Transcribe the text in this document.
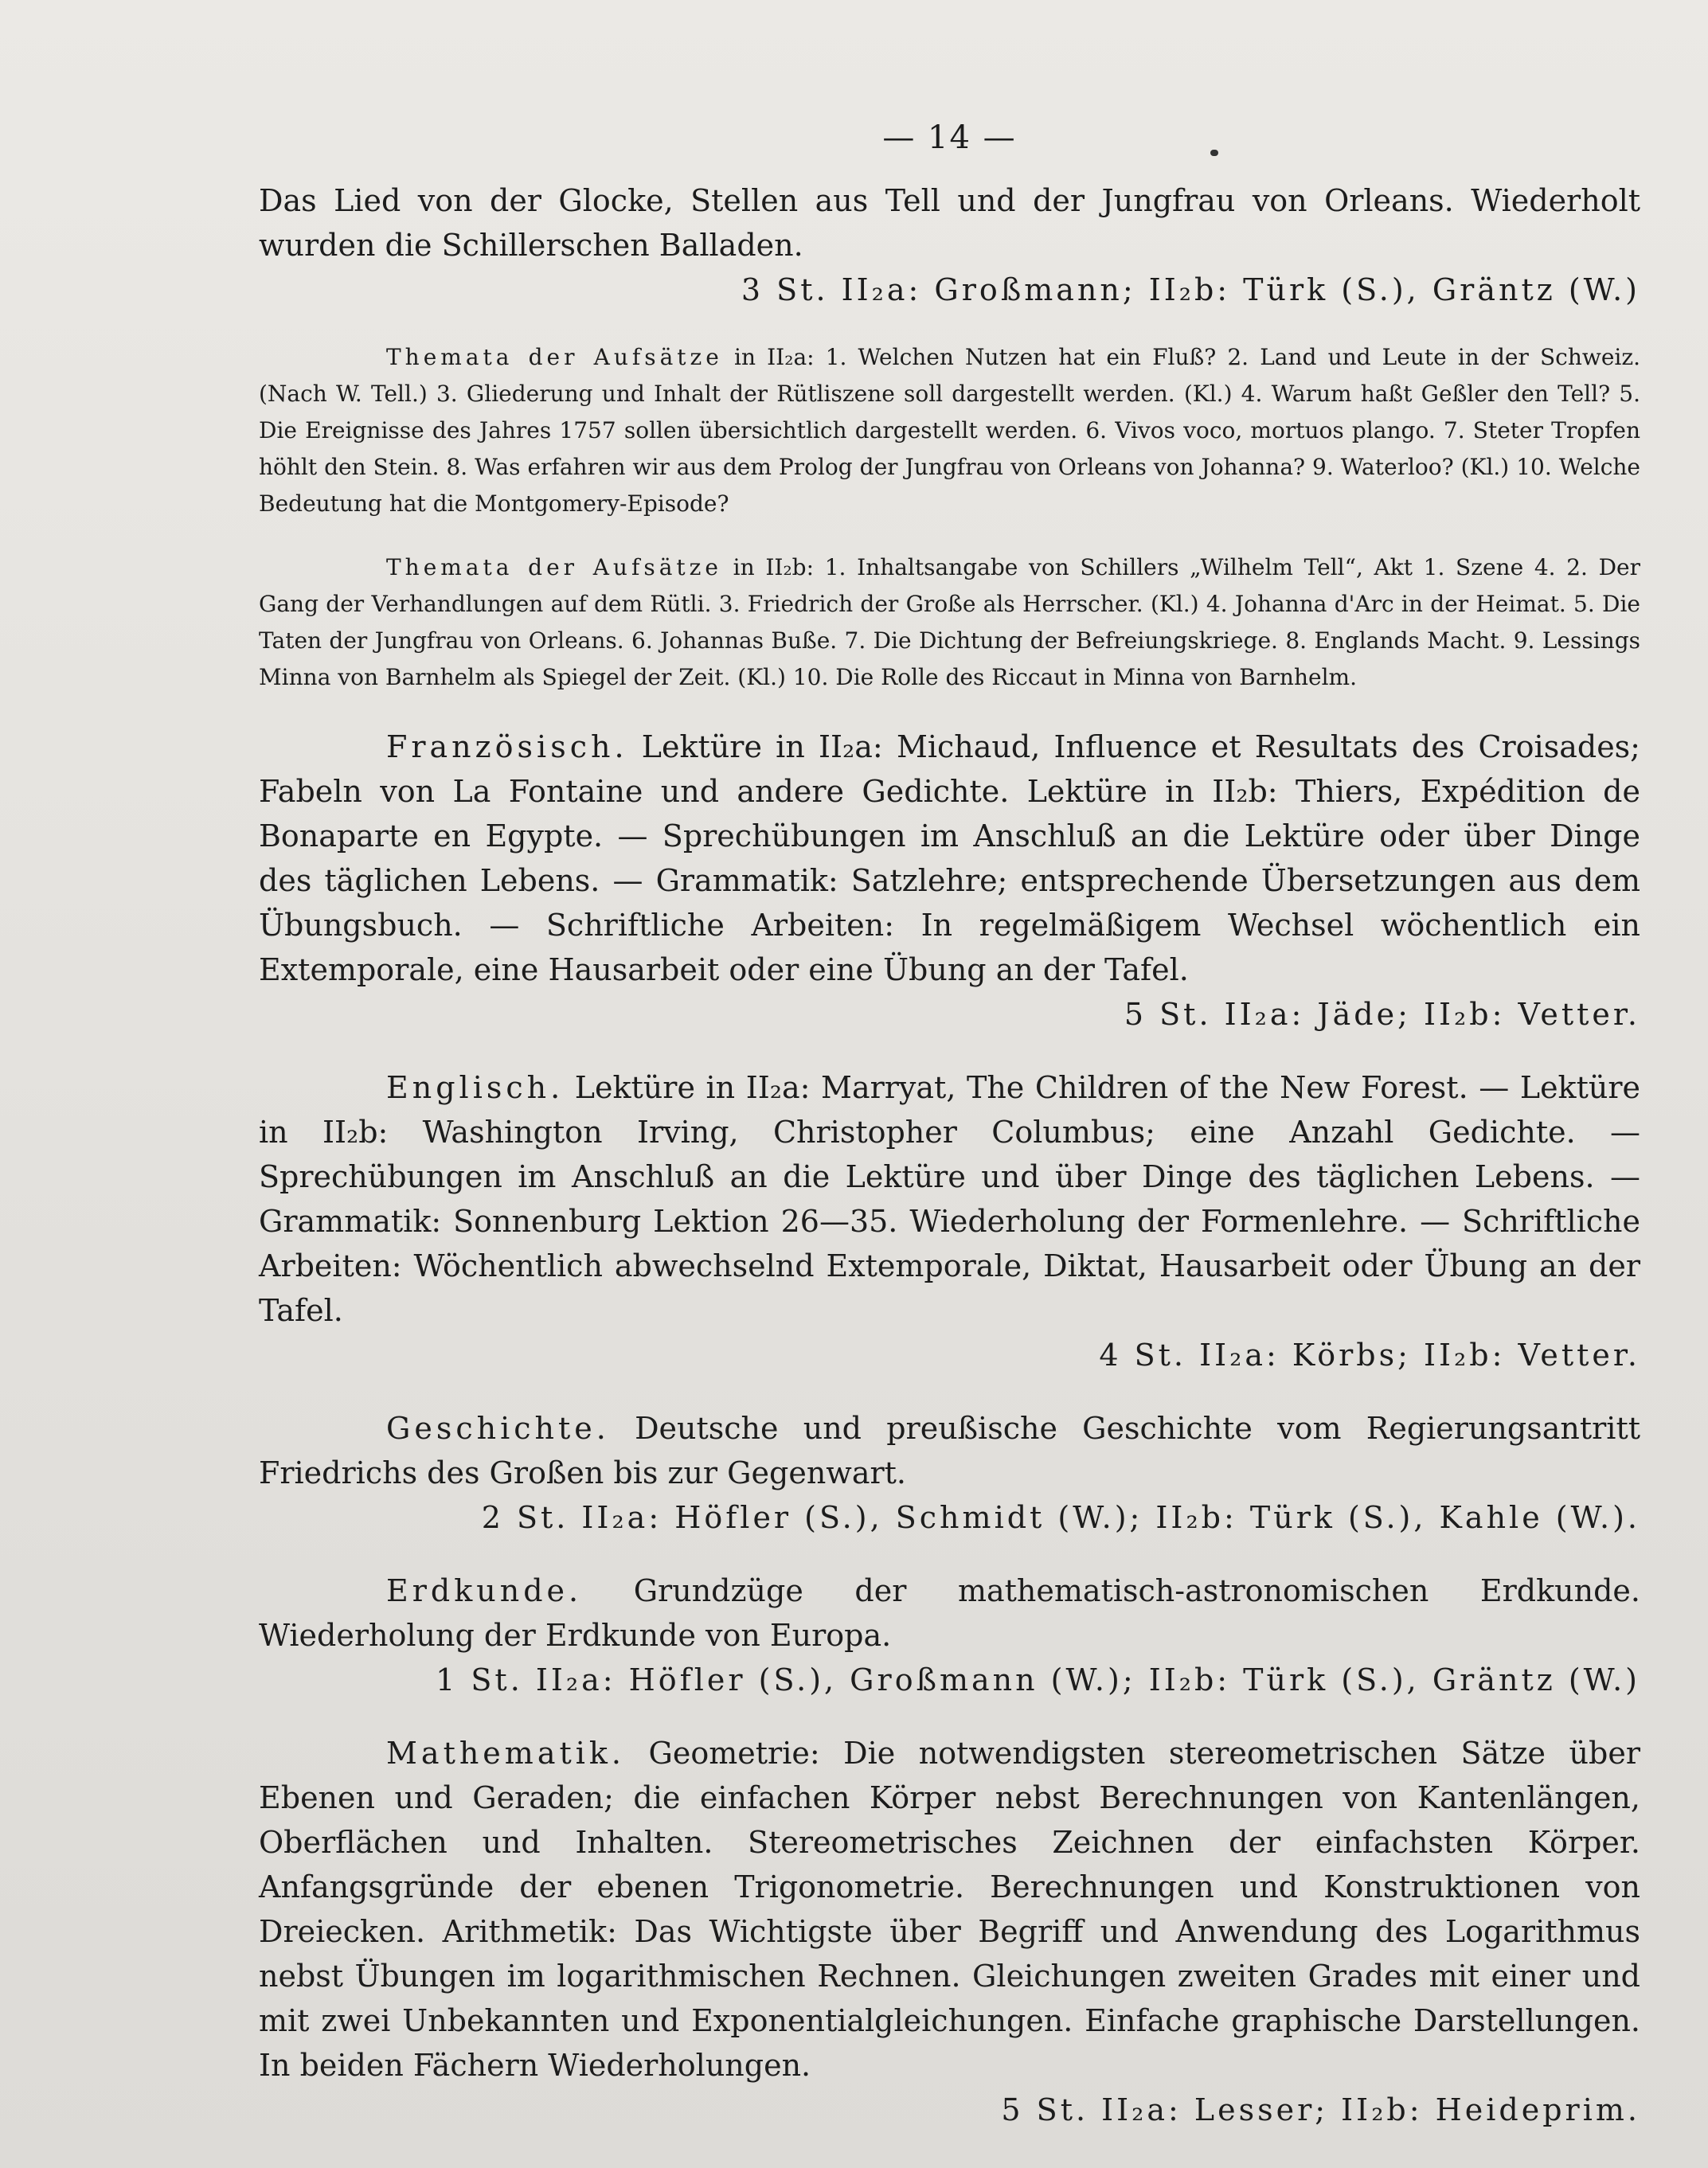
— 14 —

Das Lied von der Glocke, Stellen aus Tell und der Jungfrau von Orleans. Wiederholt wurden die Schillerschen Balladen.

3 St. II₂a: Großmann; II₂b: Türk (S.), Gräntz (W.)

Themata der Aufsätze in II₂a: 1. Welchen Nutzen hat ein Fluß? 2. Land und Leute in der Schweiz. (Nach W. Tell.) 3. Gliederung und Inhalt der Rütliszene soll dargestellt werden. (Kl.) 4. Warum haßt Geßler den Tell? 5. Die Ereignisse des Jahres 1757 sollen übersichtlich dargestellt werden. 6. Vivos voco, mortuos plango. 7. Steter Tropfen höhlt den Stein. 8. Was erfahren wir aus dem Prolog der Jungfrau von Orleans von Johanna? 9. Waterloo? (Kl.) 10. Welche Bedeutung hat die Montgomery-Episode?

Themata der Aufsätze in II₂b: 1. Inhaltsangabe von Schillers „Wilhelm Tell“, Akt 1. Szene 4. 2. Der Gang der Verhandlungen auf dem Rütli. 3. Friedrich der Große als Herrscher. (Kl.) 4. Johanna d'Arc in der Heimat. 5. Die Taten der Jungfrau von Orleans. 6. Johannas Buße. 7. Die Dichtung der Befreiungskriege. 8. Englands Macht. 9. Lessings Minna von Barnhelm als Spiegel der Zeit. (Kl.) 10. Die Rolle des Riccaut in Minna von Barnhelm.

Französisch. Lektüre in II₂a: Michaud, Influence et Resultats des Croisades; Fabeln von La Fontaine und andere Gedichte. Lektüre in II₂b: Thiers, Expédition de Bonaparte en Egypte. — Sprechübungen im Anschluß an die Lektüre oder über Dinge des täglichen Lebens. — Grammatik: Satzlehre; entsprechende Übersetzungen aus dem Übungsbuch. — Schriftliche Arbeiten: In regelmäßigem Wechsel wöchentlich ein Extemporale, eine Hausarbeit oder eine Übung an der Tafel.

5 St. II₂a: Jäde; II₂b: Vetter.

Englisch. Lektüre in II₂a: Marryat, The Children of the New Forest. — Lektüre in II₂b: Washington Irving, Christopher Columbus; eine Anzahl Gedichte. — Sprechübungen im Anschluß an die Lektüre und über Dinge des täglichen Lebens. — Grammatik: Sonnenburg Lektion 26—35. Wiederholung der Formenlehre. — Schriftliche Arbeiten: Wöchentlich abwechselnd Extemporale, Diktat, Hausarbeit oder Übung an der Tafel.

4 St. II₂a: Körbs; II₂b: Vetter.

Geschichte. Deutsche und preußische Geschichte vom Regierungsantritt Friedrichs des Großen bis zur Gegenwart.

2 St. II₂a: Höfler (S.), Schmidt (W.); II₂b: Türk (S.), Kahle (W.).

Erdkunde. Grundzüge der mathematisch-astronomischen Erdkunde. Wiederholung der Erdkunde von Europa.

1 St. II₂a: Höfler (S.), Großmann (W.); II₂b: Türk (S.), Gräntz (W.)

Mathematik. Geometrie: Die notwendigsten stereometrischen Sätze über Ebenen und Geraden; die einfachen Körper nebst Berechnungen von Kantenlängen, Oberflächen und Inhalten. Stereometrisches Zeichnen der einfachsten Körper. Anfangsgründe der ebenen Trigonometrie. Berechnungen und Konstruktionen von Dreiecken. Arithmetik: Das Wichtigste über Begriff und Anwendung des Logarithmus nebst Übungen im logarithmischen Rechnen. Gleichungen zweiten Grades mit einer und mit zwei Unbekannten und Exponentialgleichungen. Einfache graphische Darstellungen. In beiden Fächern Wiederholungen.

5 St. II₂a: Lesser; II₂b: Heideprim.
